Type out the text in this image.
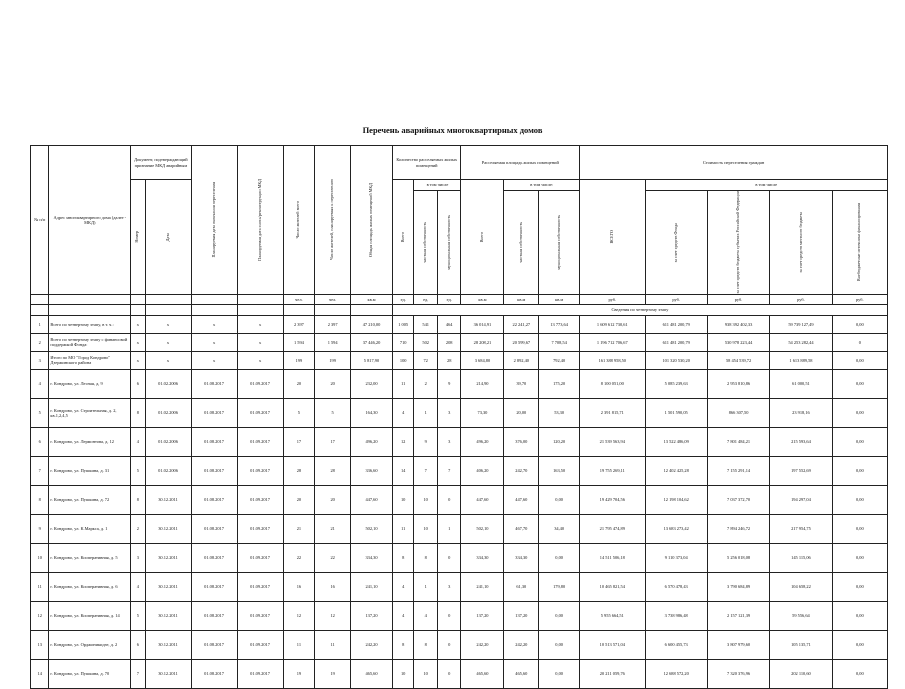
Перечень аварийных многоквартирных домов
№ п/п	Адрес многоквартирного дома (далее - МКД)	Документ, подтверждающий признание МКД аварийным		Планируемая дата окончания переселения	Планируемая дата сноса/реконструкции МКД	Число жителей всего	Число жителей, планируемых к переселению	Общая площадь жилых помещений МКД	Количество расселяемых жилых помещений			Расселяемая площадь жилых помещений			Стоимость переселения граждан				

		Номер	Дата						Всего	в том числе		Всего	в том числе:		ВСЕГО	в том числе			

										частная собственность	муниципальная собственность		частная собственность	муниципальная собственность		за счет средств Фонда	за счет средств бюджета субъекта Российской Федерации	за счет средств местного бюджета	Внебюджетные источники финансирования

						чел.	чел.	кв.м	ед.	ед.	ед.	кв.м	кв.м	кв.м	руб.	руб.	руб.	руб.	руб.
									Сведения по четвертому этапу										
1	Всего по четвертому этапу, в т. ч.:	х	х	х	х	2 397	2 397	47 210,00	1 005	541	464	36 014,91	22 241,27	13 773,64	1 609 612 730,61	611 481 200,79	938 392 402,33	59 739 127,49	0,00
2	Всего по четвертому этапу с финансовой поддержкой Фонда:	х	х	х	х	1 594	1 594	37 446,20	710	502	208	28 208,21	20 599,67	7 708,54	1 196 712 706,67	611 481 200,79	530 978 223,44	54 253 282,44	0
3	Итого по МО "Город Кондрово" Дзержинского района	х	х	х	х	199	199	5 817,90	100	72	28	3 684,80	2 892,40	792,40	161 388 958,50	101 320 530,20	58 454 539,72	1 613 889,58	0,00
4	г. Кондрово, ул. Лесная, д. 9	6	01.02.2006	01.08.2017	01.09.2017	20	20	232,00	11	2	9	214,90	39,70	175,20	8 100 051,00	5 085 239,63	2 953 810,86	61 000,51	0,00
5	г. Кондрово, ул. Строительная, д. 2, кв.1,2,4,5	8	01.02.2006	01.08.2017	01.09.2017	5	5	164,30	4	1	3	73,30	20,00	53,30	2 391 815,71	1 501 590,05	866 307,50	23 918,16	0,00
6	г. Кондрово, ул. Лермонтова, д. 12	4	01.02.2006	01.08.2017	01.09.2017	17	17	496,20	12	9	3	496,20	376,00	120,20	21 539 563,94	13 522 486,09	7 801 484,21	215 593,64	0,00
7	г. Кондрово, ул. Пушкина, д. 31	5	01.02.2006	01.08.2017	01.09.2017	28	28	336,60	14	7	7	406,20	242,70	163,50	19 755 269,11	12 402 425,28	7 155 291,14	197 552,69	0,00
8	г. Кондрово, ул. Пушкина, д. 72	8	30.12.2011	01.08.2017	01.09.2017	20	20	447,60	10	10	0	447,60	447,60	0,00	19 429 704,56	12 198 104,62	7 037 372,70	194 297,04	0,00
9	г. Кондрово, ул. К.Маркса, д. 1	2	30.12.2011	01.08.2017	01.09.2017	21	21	502,10	11	10	1	502,10	467,70	34,40	21 795 474,89	13 683 273,42	7 894 246,72	217 954,75	0,00
10	г. Кондрово, ул. Кооперативная, д. 5	3	30.12.2011	01.08.2017	01.09.2017	22	22	334,30	8	8	0	334,30	334,30	0,00	14 511 506,18	9 110 373,04	5 256 018,08	145 115,06	0,00
11	г. Кондрово, ул. Кооперативная, д. 6	4	30.12.2011	01.08.2017	01.09.2017	16	16	241,10	4	1	3	241,10	61,30	179,80	10 465 821,54	6 570 478,43	3 790 684,89	104 658,22	0,00
12	г. Кондрово, ул. Кооперативная, д. 14	5	30.12.2011	01.08.2017	01.09.2017	12	12	137,20	4	4	0	137,20	137,20	0,00	5 955 664,51	3 738 986,48	2 157 121,39	59 556,64	0,00
13	г. Кондрово, ул. Орджоникидзе, д. 2	6	30.12.2011	01.08.2017	01.09.2017	11	11	242,20	8	8	0	242,20	242,20	0,00	10 513 571,04	6 600 455,73	3 807 979,60	105 135,71	0,00
14	г. Кондрово, ул. Пушкина, д. 70	7	30.12.2011	01.08.2017	01.09.2017	19	19	465,60	10	10	0	465,60	465,60	0,00	20 211 059,76	12 688 572,20	7 320 376,96	202 110,60	0,00
